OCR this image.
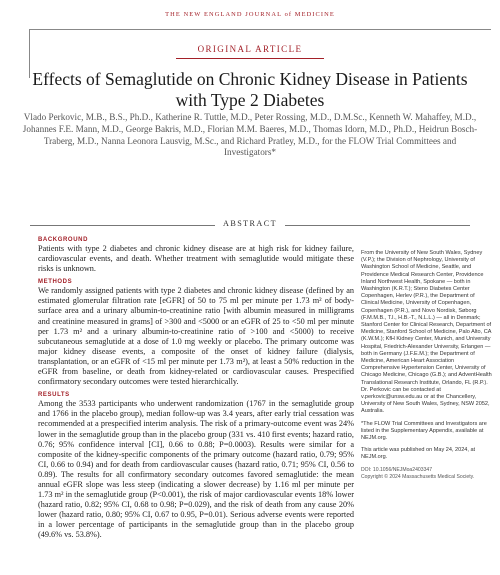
THE NEW ENGLAND JOURNAL of MEDICINE
ORIGINAL ARTICLE
Effects of Semaglutide on Chronic Kidney Disease in Patients with Type 2 Diabetes
Vlado Perkovic, M.B., B.S., Ph.D., Katherine R. Tuttle, M.D., Peter Rossing, M.D., D.M.Sc., Kenneth W. Mahaffey, M.D., Johannes F.E. Mann, M.D., George Bakris, M.D., Florian M.M. Baeres, M.D., Thomas Idorn, M.D., Ph.D., Heidrun Bosch-Traberg, M.D., Nanna Leonora Lausvig, M.Sc., and Richard Pratley, M.D., for the FLOW Trial Committees and Investigators*
ABSTRACT
BACKGROUND

Patients with type 2 diabetes and chronic kidney disease are at high risk for kidney failure, cardiovascular events, and death. Whether treatment with semaglutide would mitigate these risks is unknown.

METHODS

We randomly assigned patients with type 2 diabetes and chronic kidney disease (defined by an estimated glomerular filtration rate [eGFR] of 50 to 75 ml per minute per 1.73 m² of body-surface area and a urinary albumin-to-creatinine ratio [with albumin measured in milligrams and creatinine measured in grams] of >300 and <5000 or an eGFR of 25 to <50 ml per minute per 1.73 m² and a urinary albumin-to-creatinine ratio of >100 and <5000) to receive subcutaneous semaglutide at a dose of 1.0 mg weekly or placebo. The primary outcome was major kidney disease events, a composite of the onset of kidney failure (dialysis, transplantation, or an eGFR of <15 ml per minute per 1.73 m²), at least a 50% reduction in the eGFR from baseline, or death from kidney-related or cardiovascular causes. Prespecified confirmatory secondary outcomes were tested hierarchically.

RESULTS

Among the 3533 participants who underwent randomization (1767 in the semaglutide group and 1766 in the placebo group), median follow-up was 3.4 years, after early trial cessation was recommended at a prespecified interim analysis. The risk of a primary-outcome event was 24% lower in the semaglutide group than in the placebo group (331 vs. 410 first events; hazard ratio, 0.76; 95% confidence interval [CI], 0.66 to 0.88; P=0.0003). Results were similar for a composite of the kidney-specific components of the primary outcome (hazard ratio, 0.79; 95% CI, 0.66 to 0.94) and for death from cardiovascular causes (hazard ratio, 0.71; 95% CI, 0.56 to 0.89). The results for all confirmatory secondary outcomes favored semaglutide: the mean annual eGFR slope was less steep (indicating a slower decrease) by 1.16 ml per minute per 1.73 m² in the semaglutide group (P<0.001), the risk of major cardiovascular events 18% lower (hazard ratio, 0.82; 95% CI, 0.68 to 0.98; P=0.029), and the risk of death from any cause 20% lower (hazard ratio, 0.80; 95% CI, 0.67 to 0.95, P=0.01). Serious adverse events were reported in a lower percentage of participants in the semaglutide group than in the placebo group (49.6% vs. 53.8%).

From the University of New South Wales, Sydney (V.P.); the Division of Nephrology, University of Washington School of Medicine, Seattle, and Providence Medical Research Center, Providence Inland Northwest Health, Spokane — both in Washington (K.R.T.); Steno Diabetes Center Copenhagen, Herlev (P.R.), the Department of Clinical Medicine, University of Copenhagen, Copenhagen (P.R.), and Novo Nordisk, Søborg (F.M.M.B., T.I., H.B.-T., N.L.L.) — all in Denmark; Stanford Center for Clinical Research, Department of Medicine, Stanford School of Medicine, Palo Alto, CA (K.W.M.); KfH Kidney Center, Munich, and University Hospital, Friedrich-Alexander University, Erlangen — both in Germany (J.F.E.M.); the Department of Medicine, American Heart Association Comprehensive Hypertension Center, University of Chicago Medicine, Chicago (G.B.); and AdventHealth Translational Research Institute, Orlando, FL (R.P.). Dr. Perkovic can be contacted at v.perkovic@unsw.edu.au or at the Chancellery, University of New South Wales, Sydney, NSW 2052, Australia.

*The FLOW Trial Committees and Investigators are listed in the Supplementary Appendix, available at NEJM.org.

This article was published on May 24, 2024, at NEJM.org.

DOI: 10.1056/NEJMoa2403347
Copyright © 2024 Massachusetts Medical Society.
